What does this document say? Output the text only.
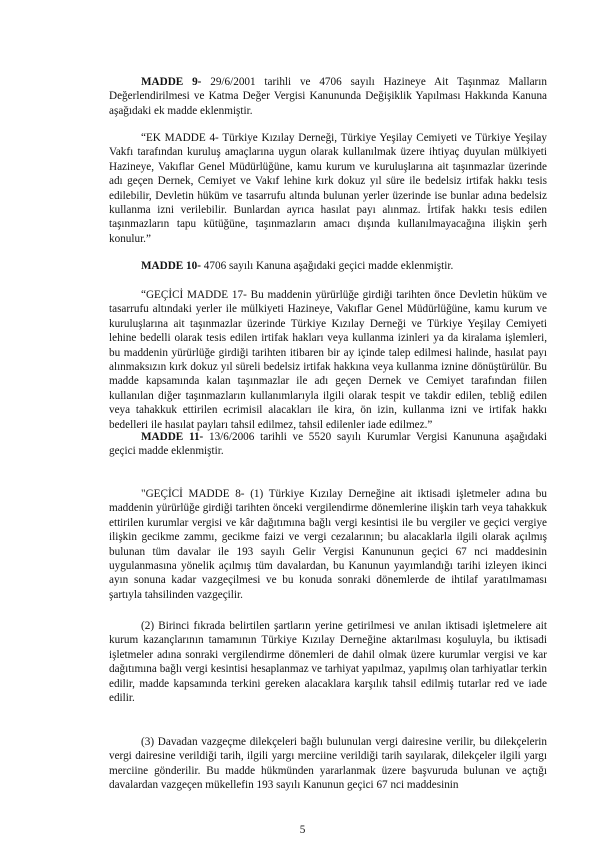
MADDE 9- 29/6/2001 tarihli ve 4706 sayılı Hazineye Ait Taşınmaz Malların Değerlendirilmesi ve Katma Değer Vergisi Kanununda Değişiklik Yapılması Hakkında Kanuna aşağıdaki ek madde eklenmiştir.

“EK MADDE 4- Türkiye Kızılay Derneği, Türkiye Yeşilay Cemiyeti ve Türkiye Yeşilay Vakfı tarafından kuruluş amaçlarına uygun olarak kullanılmak üzere ihtiyaç duyulan mülkiyeti Hazineye, Vakıflar Genel Müdürlüğüne, kamu kurum ve kuruluşlarına ait taşınmazlar üzerinde adı geçen Dernek, Cemiyet ve Vakıf lehine kırk dokuz yıl süre ile bedelsiz irtifak hakkı tesis edilebilir, Devletin hüküm ve tasarrufu altında bulunan yerler üzerinde ise bunlar adına bedelsiz kullanma izni verilebilir. Bunlardan ayrıca hasılat payı alınmaz. İrtifak hakkı tesis edilen taşınmazların tapu kütüğüne, taşınmazların amacı dışında kullanılmayacağına ilişkin şerh konulur.”

MADDE 10- 4706 sayılı Kanuna aşağıdaki geçici madde eklenmiştir.

“GEÇİCİ MADDE 17- Bu maddenin yürürlüğe girdiği tarihten önce Devletin hüküm ve tasarrufu altındaki yerler ile mülkiyeti Hazineye, Vakıflar Genel Müdürlüğüne, kamu kurum ve kuruluşlarına ait taşınmazlar üzerinde Türkiye Kızılay Derneği ve Türkiye Yeşilay Cemiyeti lehine bedelli olarak tesis edilen irtifak hakları veya kullanma izinleri ya da kiralama işlemleri, bu maddenin yürürlüğe girdiği tarihten itibaren bir ay içinde talep edilmesi halinde, hasılat payı alınmaksızın kırk dokuz yıl süreli bedelsiz irtifak hakkına veya kullanma iznine dönüştürülür. Bu madde kapsamında kalan taşınmazlar ile adı geçen Dernek ve Cemiyet tarafından fiilen kullanılan diğer taşınmazların kullanımlarıyla ilgili olarak tespit ve takdir edilen, tebliğ edilen veya tahakkuk ettirilen ecrimisil alacakları ile kira, ön izin, kullanma izni ve irtifak hakkı bedelleri ile hasılat payları tahsil edilmez, tahsil edilenler iade edilmez.”

MADDE 11- 13/6/2006 tarihli ve 5520 sayılı Kurumlar Vergisi Kanununa aşağıdaki geçici madde eklenmiştir.

"GEÇİCİ MADDE 8- (1) Türkiye Kızılay Derneğine ait iktisadi işletmeler adına bu maddenin yürürlüğe girdiği tarihten önceki vergilendirme dönemlerine ilişkin tarh veya tahakkuk ettirilen kurumlar vergisi ve kâr dağıtımına bağlı vergi kesintisi ile bu vergiler ve geçici vergiye ilişkin gecikme zammı, gecikme faizi ve vergi cezalarının; bu alacaklarla ilgili olarak açılmış bulunan tüm davalar ile 193 sayılı Gelir Vergisi Kanununun geçici 67 nci maddesinin uygulanmasına yönelik açılmış tüm davalardan, bu Kanunun yayımlandığı tarihi izleyen ikinci ayın sonuna kadar vazgeçilmesi ve bu konuda sonraki dönemlerde de ihtilaf yaratılmaması şartıyla tahsilinden vazgeçilir.

(2) Birinci fıkrada belirtilen şartların yerine getirilmesi ve anılan iktisadi işletmelere ait kurum kazançlarının tamamının Türkiye Kızılay Derneğine aktarılması koşuluyla, bu iktisadi işletmeler adına sonraki vergilendirme dönemleri de dahil olmak üzere kurumlar vergisi ve kar dağıtımına bağlı vergi kesintisi hesaplanmaz ve tarhiyat yapılmaz, yapılmış olan tarhiyatlar terkin edilir, madde kapsamında terkini gereken alacaklara karşılık tahsil edilmiş tutarlar red ve iade edilir.

(3) Davadan vazgeçme dilekçeleri bağlı bulunulan vergi dairesine verilir, bu dilekçelerin vergi dairesine verildiği tarih, ilgili yargı merciine verildiği tarih sayılarak, dilekçeler ilgili yargı merciine gönderilir. Bu madde hükmünden yararlanmak üzere başvuruda bulunan ve açtığı davalardan vazgeçen mükellefin 193 sayılı Kanunun geçici 67 nci maddesinin

5
